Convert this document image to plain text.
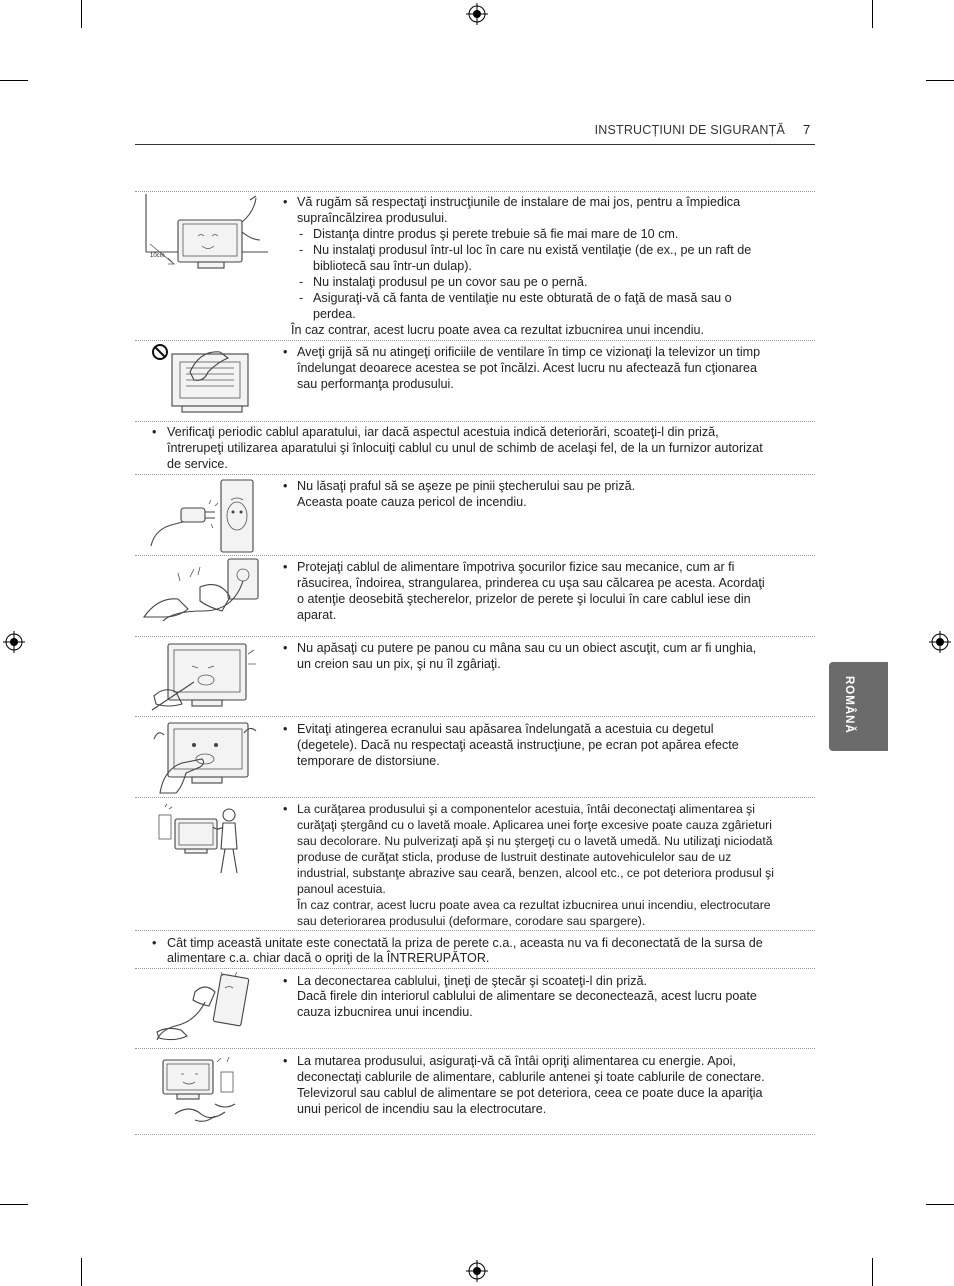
INSTRUCȚIUNI DE SIGURANȚĂ 7
ROMÂNĂ
10cm
• Vă rugăm să respectaţi instrucţiunile de instalare de mai jos, pentru a împiedica
supraîncălzirea produsului.
- Distanţa dintre produs şi perete trebuie să fie mai mare de 10 cm.
- Nu instalaţi produsul într-ul loc în care nu există ventilaţie (de ex., pe un raft de
bibliotecă sau într-un dulap).
- Nu instalaţi produsul pe un covor sau pe o pernă.
- Asiguraţi-vă că fanta de ventilaţie nu este obturată de o faţă de masă sau o
perdea.
În caz contrar, acest lucru poate avea ca rezultat izbucnirea unui incendiu.
• Aveţi grijă să nu atingeţi orificiile de ventilare în timp ce vizionaţi la televizor un timp
îndelungat deoarece acestea se pot încălzi. Acest lucru nu afectează fun cţionarea
sau performanţa produsului.
• Verificaţi periodic cablul aparatului, iar dacă aspectul acestuia indică deteriorări, scoateţi-l din priză,
întrerupeţi utilizarea aparatului şi înlocuiţi cablul cu unul de schimb de acelaşi fel, de la un furnizor autorizat
de service.
• Nu lăsaţi praful să se aşeze pe pinii ştecherului sau pe priză.
Aceasta poate cauza pericol de incendiu.
• Protejaţi cablul de alimentare împotriva şocurilor fizice sau mecanice, cum ar fi
răsucirea, îndoirea, strangularea, prinderea cu uşa sau călcarea pe acesta. Acordaţi
o atenţie deosebită ştecherelor, prizelor de perete şi locului în care cablul iese din
aparat.
• Nu apăsaţi cu putere pe panou cu mâna sau cu un obiect ascuţit, cum ar fi unghia,
un creion sau un pix, şi nu îl zgâriaţi.
• Evitaţi atingerea ecranului sau apăsarea îndelungată a acestuia cu degetul
(degetele). Dacă nu respectaţi această instrucţiune, pe ecran pot apărea efecte
temporare de distorsiune.
• La curăţarea produsului şi a componentelor acestuia, întâi deconectaţi alimentarea şi
curăţaţi ştergând cu o lavetă moale. Aplicarea unei forţe excesive poate cauza zgârieturi
sau decolorare. Nu pulverizaţi apă şi nu ştergeţi cu o lavetă umedă. Nu utilizaţi niciodată
produse de curăţat sticla, produse de lustruit destinate autovehiculelor sau de uz
industrial, substanţe abrazive sau ceară, benzen, alcool etc., ce pot deteriora produsul şi
panoul acestuia.
În caz contrar, acest lucru poate avea ca rezultat izbucnirea unui incendiu, electrocutare
sau deteriorarea produsului (deformare, corodare sau spargere).
• Cât timp această unitate este conectată la priza de perete c.a., aceasta nu va fi deconectată de la sursa de
alimentare c.a. chiar dacă o opriţi de la ÎNTRERUPĂTOR.
• La deconectarea cablului, ţineţi de ştecăr şi scoateţi-l din priză.
Dacă firele din interiorul cablului de alimentare se deconectează, acest lucru poate
cauza izbucnirea unui incendiu.
• La mutarea produsului, asiguraţi-vă că întâi opriţi alimentarea cu energie. Apoi,
deconectaţi cablurile de alimentare, cablurile antenei şi toate cablurile de conectare.
Televizorul sau cablul de alimentare se pot deteriora, ceea ce poate duce la apariţia
unui pericol de incendiu sau la electrocutare.
